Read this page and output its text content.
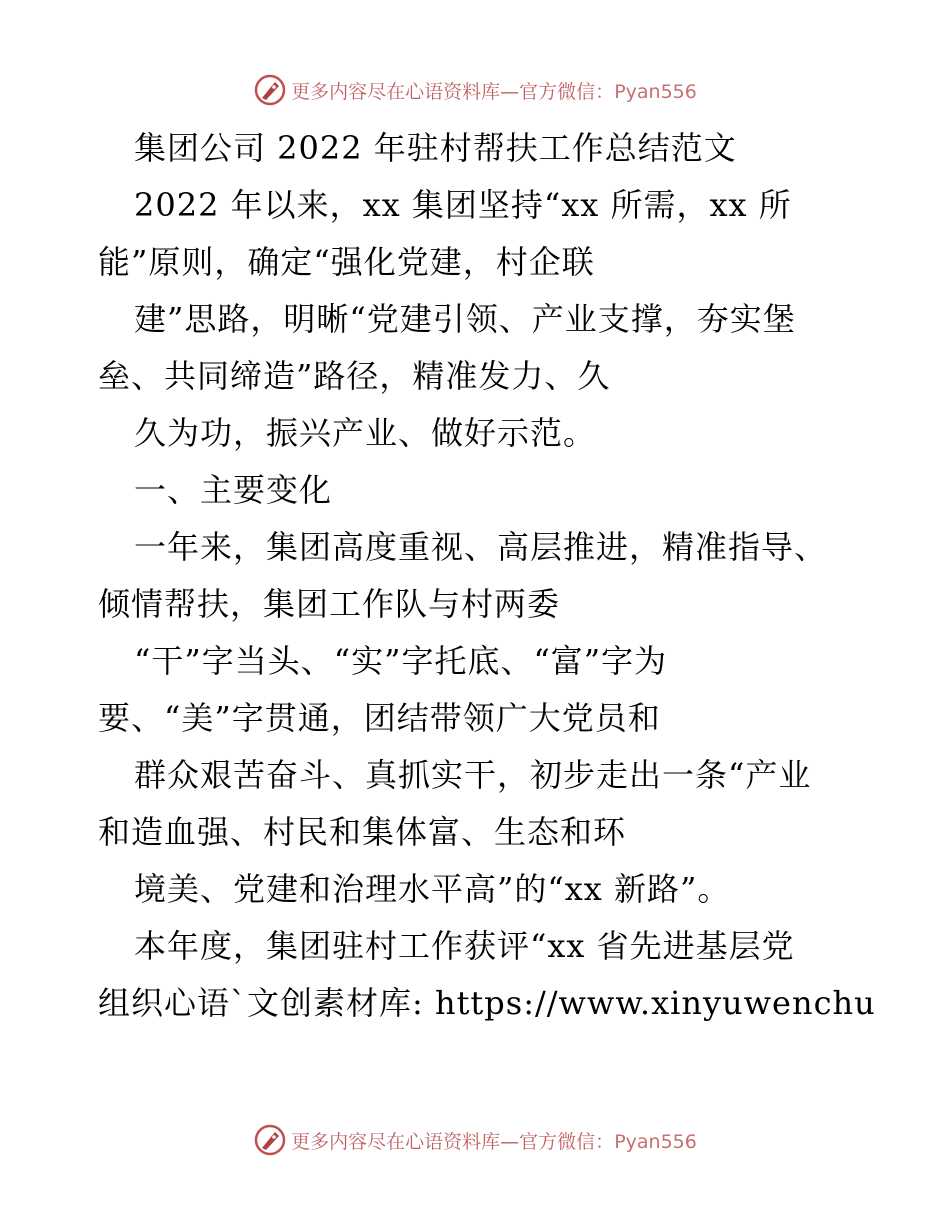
更多内容尽在心语资料库—官方微信：Pyan556
集团公司 2022 年驻村帮扶工作总结范文
2022 年以来，xx 集团坚持“xx 所需，xx 所
能”原则，确定“强化党建，村企联
建”思路，明晰“党建引领、产业支撑，夯实堡
垒、共同缔造”路径，精准发力、久
久为功，振兴产业、做好示范。
一、主要变化
一年来，集团高度重视、高层推进，精准指导、
倾情帮扶，集团工作队与村两委
“干”字当头、“实”字托底、“富”字为
要、“美”字贯通，团结带领广大党员和
群众艰苦奋斗、真抓实干，初步走出一条“产业
和造血强、村民和集体富、生态和环
境美、党建和治理水平高”的“xx 新路”。
本年度，集团驻村工作获评“xx 省先进基层党
组织心语`文创素材库: https://www.xinyuwenchu
更多内容尽在心语资料库—官方微信：Pyan556
